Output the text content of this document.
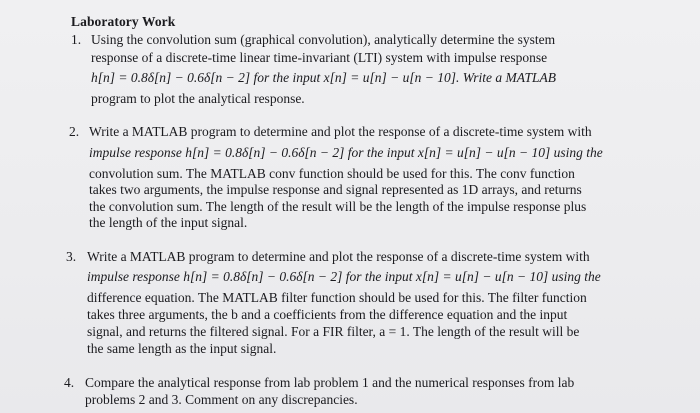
Laboratory Work
1. Using the convolution sum (graphical convolution), analytically determine the system
response of a discrete-time linear time-invariant (LTI) system with impulse response
h[n] = 0.8δ[n] − 0.6δ[n − 2] for the input x[n] = u[n] − u[n − 10]. Write a MATLAB
program to plot the analytical response.
2. Write a MATLAB program to determine and plot the response of a discrete-time system with
impulse response h[n] = 0.8δ[n] − 0.6δ[n − 2] for the input x[n] = u[n] − u[n − 10] using the
convolution sum. The MATLAB conv function should be used for this. The conv function
takes two arguments, the impulse response and signal represented as 1D arrays, and returns
the convolution sum. The length of the result will be the length of the impulse response plus
the length of the input signal.
3. Write a MATLAB program to determine and plot the response of a discrete-time system with
impulse response h[n] = 0.8δ[n] − 0.6δ[n − 2] for the input x[n] = u[n] − u[n − 10] using the
difference equation. The MATLAB filter function should be used for this. The filter function
takes three arguments, the b and a coefficients from the difference equation and the input
signal, and returns the filtered signal. For a FIR filter, a = 1. The length of the result will be
the same length as the input signal.
4. Compare the analytical response from lab problem 1 and the numerical responses from lab
problems 2 and 3. Comment on any discrepancies.
